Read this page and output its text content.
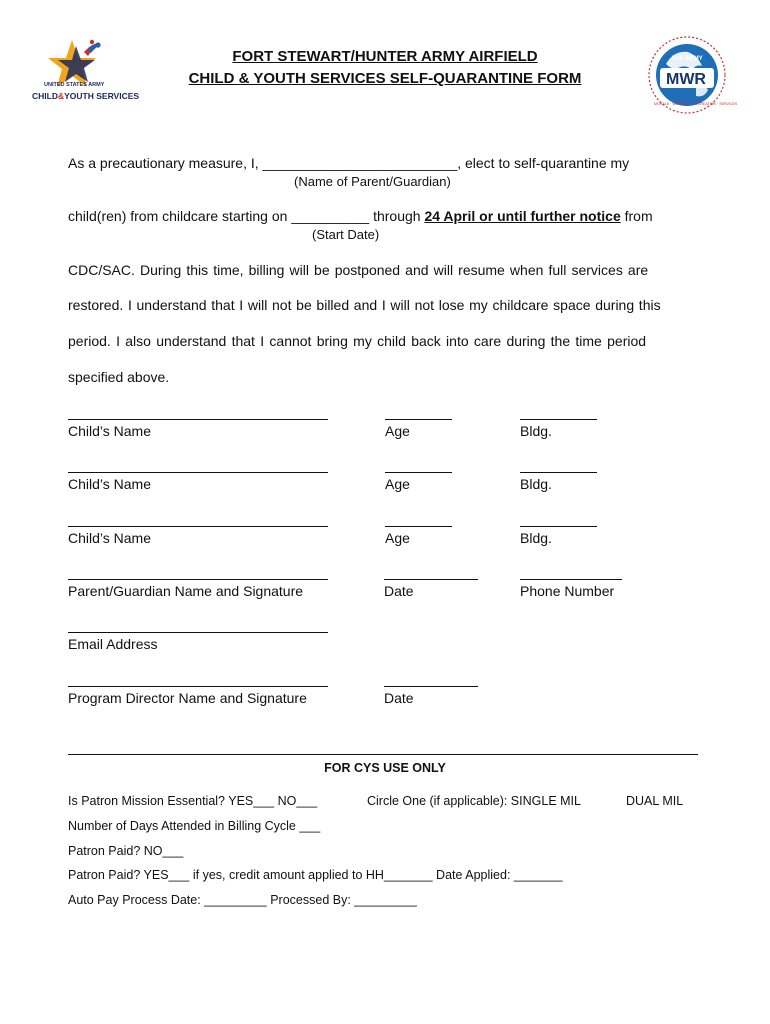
UNITED STATES ARMY
CHILD&YOUTH SERVICES
U.S. ARMY
MWR
MORALE · WELFARE · RECREATION · SERVICES
FORT STEWART/HUNTER ARMY AIRFIELD
CHILD & YOUTH SERVICES SELF-QUARANTINE FORM
As a precautionary measure, I, _________________________, elect to self-quarantine my
(Name of Parent/Guardian)
child(ren) from childcare starting on __________ through 24 April or until further notice from
(Start Date)
CDC/SAC. During this time, billing will be postponed and will resume when full services are
restored. I understand that I will not be billed and I will not lose my childcare space during this
period. I also understand that I cannot bring my child back into care during the time period
specified above.
Child’s Name	Age	Bldg.
Child’s Name	Age	Bldg.
Child’s Name	Age	Bldg.
Parent/Guardian Name and Signature	Date	Phone Number
Email Address
Program Director Name and Signature	Date
FOR CYS USE ONLY
Is Patron Mission Essential? YES___ NO___	Circle One (if applicable): SINGLE MIL	DUAL MIL
Number of Days Attended in Billing Cycle ___
Patron Paid? NO___
Patron Paid? YES___ if yes, credit amount applied to HH_______ Date Applied: _______
Auto Pay Process Date: _________ Processed By: _________
